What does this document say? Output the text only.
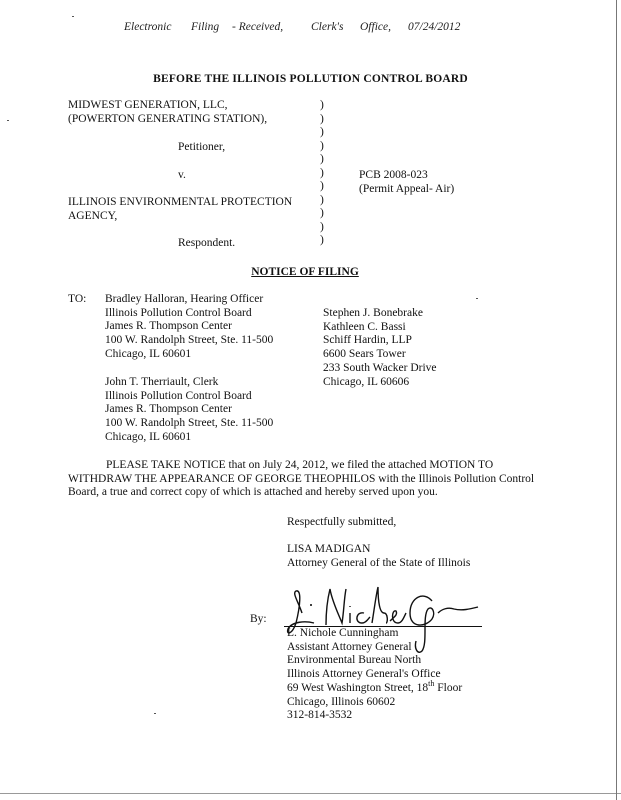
Electronic Filing - Received, Clerk's Office, 07/24/2012
BEFORE THE ILLINOIS POLLUTION CONTROL BOARD
MIDWEST GENERATION, LLC,
(POWERTON GENERATING STATION),
Petitioner,
v.
ILLINOIS ENVIRONMENTAL PROTECTION
AGENCY,
Respondent.
)
)
)
)
)
)
)
)
)
)
)
PCB 2008-023
(Permit Appeal- Air)
NOTICE OF FILING
TO: Bradley Halloran, Hearing Officer
Illinois Pollution Control Board
James R. Thompson Center
100 W. Randolph Street, Ste. 11-500
Chicago, IL 60601
John T. Therriault, Clerk
Illinois Pollution Control Board
James R. Thompson Center
100 W. Randolph Street, Ste. 11-500
Chicago, IL 60601
Stephen J. Bonebrake
Kathleen C. Bassi
Schiff Hardin, LLP
6600 Sears Tower
233 South Wacker Drive
Chicago, IL 60606
PLEASE TAKE NOTICE that on July 24, 2012, we filed the attached MOTION TO WITHDRAW THE APPEARANCE OF GEORGE THEOPHILOS with the Illinois Pollution Control Board, a true and correct copy of which is attached and hereby served upon you.
Respectfully submitted,
LISA MADIGAN
Attorney General of the State of Illinois
By:
L. Nichole Cunningham
Assistant Attorney General
Environmental Bureau North
Illinois Attorney General's Office
69 West Washington Street, 18th Floor
Chicago, Illinois 60602
312-814-3532
